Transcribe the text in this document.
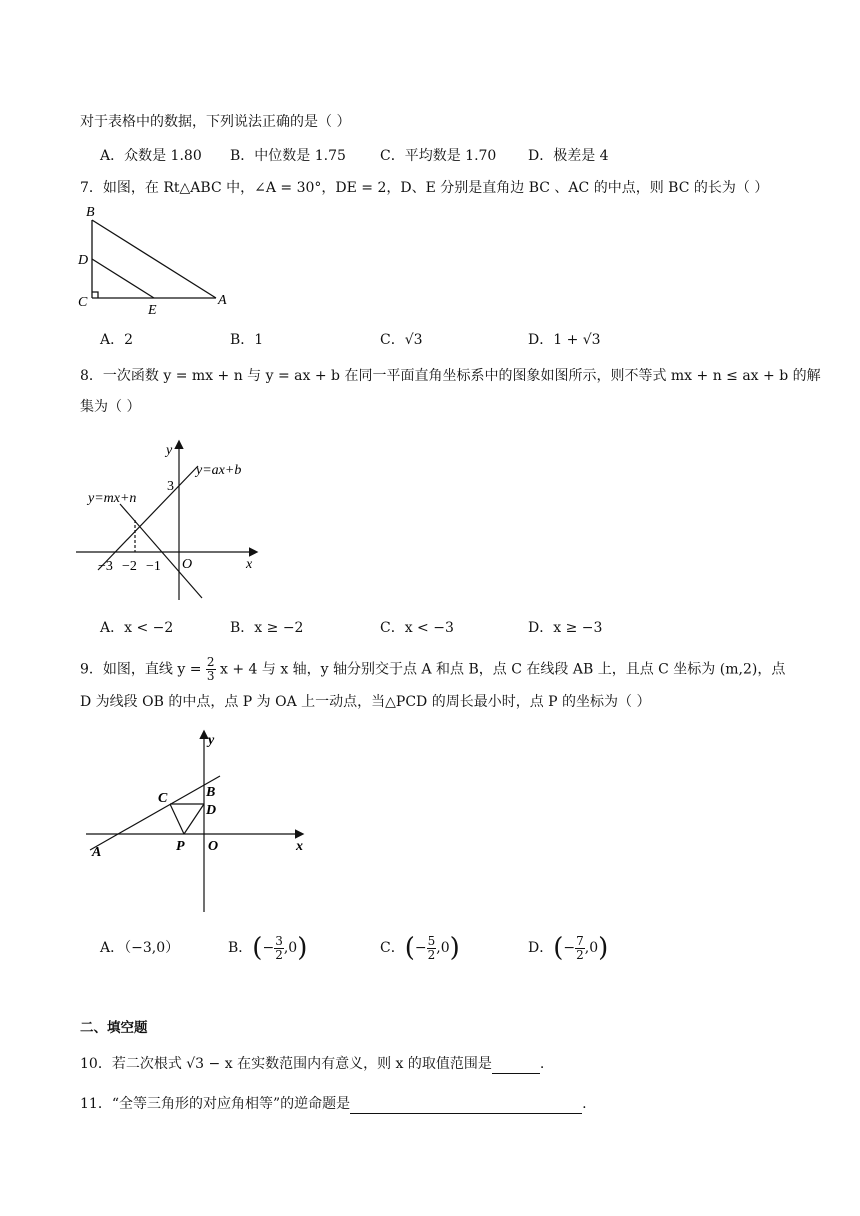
对于表格中的数据，下列说法正确的是（ ）
A．众数是 1.80 B．中位数是 1.75 C．平均数是 1.70 D．极差是 4
7．如图，在 Rt△ABC 中，∠A = 30°，DE = 2，D、E 分别是直角边 BC 、AC 的中点，则 BC 的长为（ ）
B
D
C
E
A
A．2	B．1	C．√3	D．1 + √3
8．一次函数 y = mx + n 与 y = ax + b 在同一平面直角坐标系中的图象如图所示，则不等式 mx + n ≤ ax + b 的解
集为（ ）
y
x
O
3
−3 −2 −1
y=ax+b
y=mx+n
A．x < −2	B．x ≥ −2	C．x < −3	D．x ≥ −3
9．如图，直线 $y = \frac{2}{3}$ x + 4 与 x 轴，y 轴分别交于点 A 和点 B，点 C 在线段 AB 上，且点 C 坐标为 (m,2)，点
D 为线段 OB 的中点，点 P 为 OA 上一动点，当△PCD 的周长最小时，点 P 的坐标为（ ）
y
x
O
A
B
C
D
P
A．（−3,0）	B．(− $\frac{3}{2} ,0$)	C．(− $\frac{5}{2} ,0$)	D．(− $\frac{7}{2} ,0$)
二、填空题
10．若二次根式 √3 − x 在实数范围内有意义，则 x 的取值范围是	.
11．“全等三角形的对应角相等”的逆命题是	.
